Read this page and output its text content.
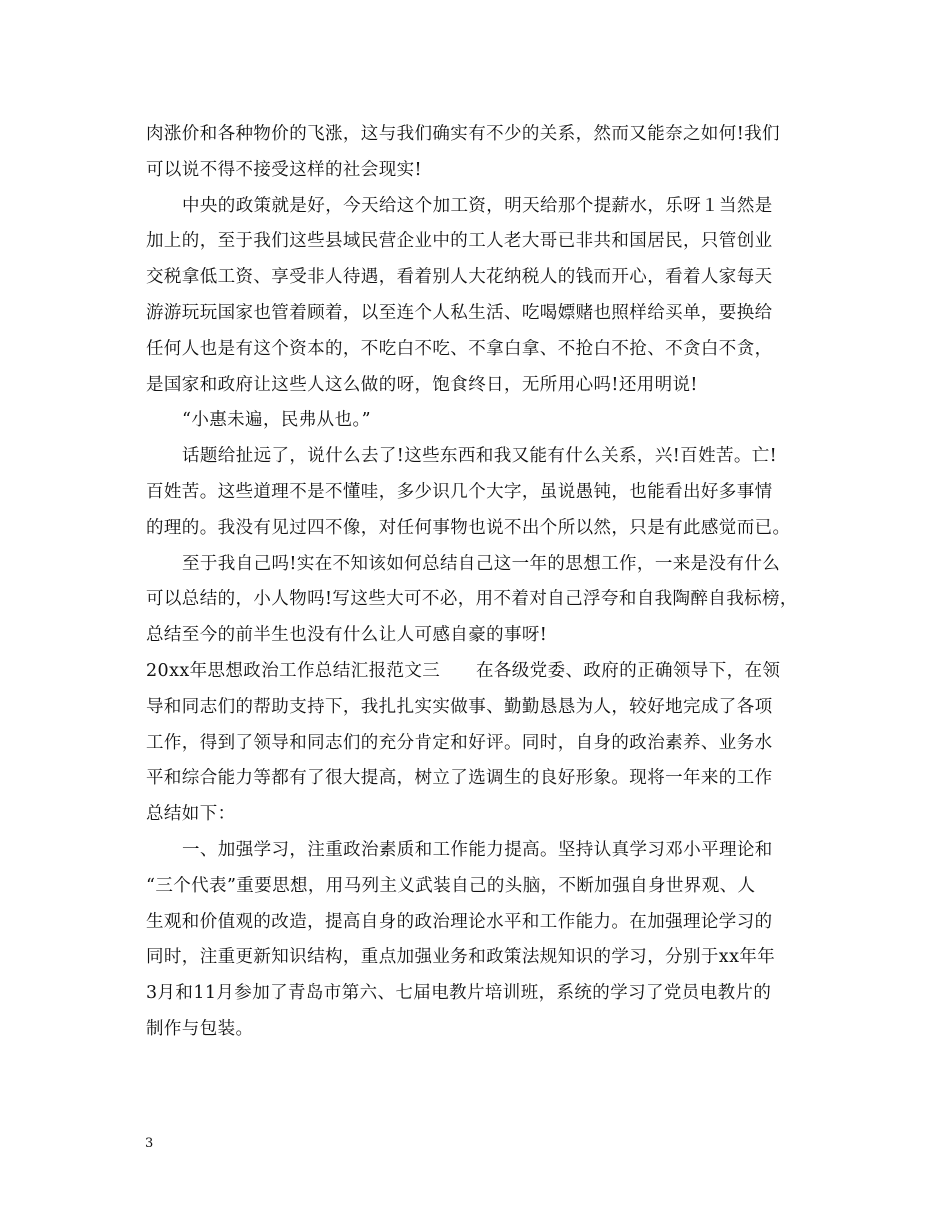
肉涨价和各种物价的飞涨，这与我们确实有不少的关系，然而又能奈之如何!我们
可以说不得不接受这样的社会现实!
中央的政策就是好，今天给这个加工资，明天给那个提薪水，乐呀１当然是
加上的，至于我们这些县域民营企业中的工人老大哥已非共和国居民，只管创业
交税拿低工资、享受非人待遇，看着别人大花纳税人的钱而开心，看着人家每天
游游玩玩国家也管着顾着，以至连个人私生活、吃喝嫖赌也照样给买单，要换给
任何人也是有这个资本的，不吃白不吃、不拿白拿、不抢白不抢、不贪白不贪，
是国家和政府让这些人这么做的呀，饱食终日，无所用心吗!还用明说!
“小惠未遍，民弗从也。”
话题给扯远了，说什么去了!这些东西和我又能有什么关系，兴!百姓苦。亡!
百姓苦。这些道理不是不懂哇，多少识几个大字，虽说愚钝，也能看出好多事情
的理的。我没有见过四不像，对任何事物也说不出个所以然，只是有此感觉而已。
至于我自己吗!实在不知该如何总结自己这一年的思想工作，一来是没有什么
可以总结的，小人物吗!写这些大可不必，用不着对自己浮夸和自我陶醉自我标榜，
总结至今的前半生也没有什么让人可感自豪的事呀!
20xx年思想政治工作总结汇报范文三　　在各级党委、政府的正确领导下，在领
导和同志们的帮助支持下，我扎扎实实做事、勤勤恳恳为人，较好地完成了各项
工作，得到了领导和同志们的充分肯定和好评。同时，自身的政治素养、业务水
平和综合能力等都有了很大提高，树立了选调生的良好形象。现将一年来的工作
总结如下：
一、加强学习，注重政治素质和工作能力提高。坚持认真学习邓小平理论和
“三个代表”重要思想，用马列主义武装自己的头脑，不断加强自身世界观、人
生观和价值观的改造，提高自身的政治理论水平和工作能力。在加强理论学习的
同时，注重更新知识结构，重点加强业务和政策法规知识的学习，分别于xx年年
3月和11月参加了青岛市第六、七届电教片培训班，系统的学习了党员电教片的
制作与包装。
3
